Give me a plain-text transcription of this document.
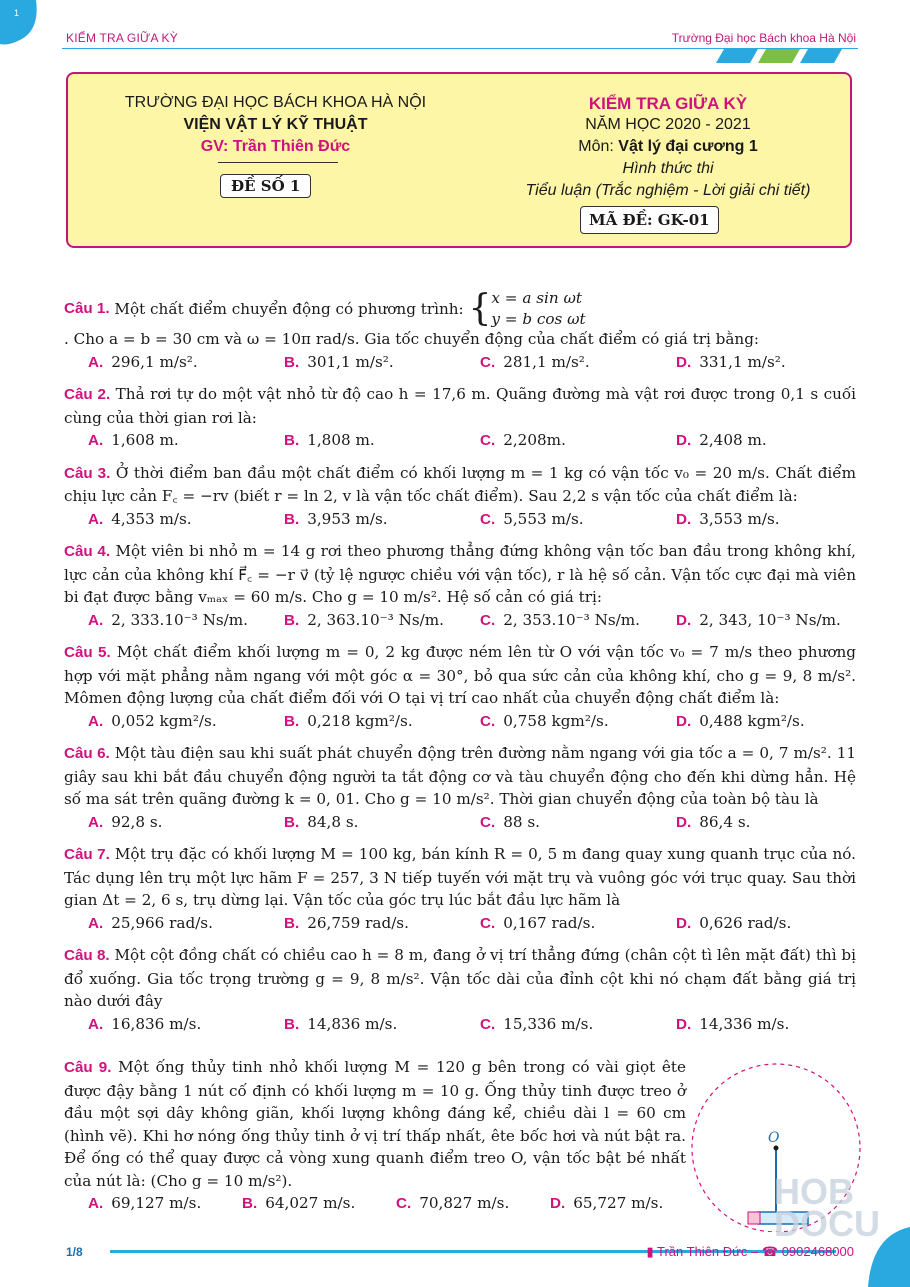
1
KIỂM TRA GIỮA KỲ	Trường Đại học Bách khoa Hà Nội
TRƯỜNG ĐẠI HỌC BÁCH KHOA HÀ NỘI
VIỆN VẬT LÝ KỸ THUẬT
GV: Trần Thiên Đức
ĐỀ SỐ 1
KIỂM TRA GIỮA KỲ
NĂM HỌC 2020 - 2021
Môn: Vật lý đại cương 1
Hình thức thi
Tiểu luận (Trắc nghiệm - Lời giải chi tiết)
MÃ ĐỀ: GK-01

Câu 1.
Một chất điểm chuyển động có phương trình:
{ x = a sin ωt
y = b cos ωt

. Cho a = b = 30 cm và ω = 10π rad/s. Gia tốc chuyển động của chất điểm có giá trị bằng:

A. 296,1 m/s².	B. 301,1 m/s².	C. 281,1 m/s².	D. 331,1 m/s².

Câu 2. Thả rơi tự do một vật nhỏ từ độ cao h = 17,6 m. Quãng đường mà vật rơi được trong 0,1 s cuối cùng của thời gian rơi là:

A. 1,608 m.	B. 1,808 m.	C. 2,208m.	D. 2,408 m.

Câu 3. Ở thời điểm ban đầu một chất điểm có khối lượng m = 1 kg có vận tốc v₀ = 20 m/s. Chất điểm chịu lực cản F꜀ = −rv (biết r = ln 2, v là vận tốc chất điểm). Sau 2,2 s vận tốc của chất điểm là:

A. 4,353 m/s.	B. 3,953 m/s.	C. 5,553 m/s.	D. 3,553 m/s.

Câu 4. Một viên bi nhỏ m = 14 g rơi theo phương thẳng đứng không vận tốc ban đầu trong không khí, lực cản của không khí F⃗꜀ = −r v⃗ (tỷ lệ ngược chiều với vận tốc), r là hệ số cản. Vận tốc cực đại mà viên bi đạt được bằng vₘₐₓ = 60 m/s. Cho g = 10 m/s². Hệ số cản có giá trị:

A. 2, 333.10⁻³ Ns/m.	B. 2, 363.10⁻³ Ns/m.	C. 2, 353.10⁻³ Ns/m.	D. 2, 343, 10⁻³ Ns/m.

Câu 5. Một chất điểm khối lượng m = 0, 2 kg được ném lên từ O với vận tốc v₀ = 7 m/s theo phương hợp với mặt phẳng nằm ngang với một góc α = 30°, bỏ qua sức cản của không khí, cho g = 9, 8 m/s². Mômen động lượng của chất điểm đối với O tại vị trí cao nhất của chuyển động chất điểm là:

A. 0,052 kgm²/s.	B. 0,218 kgm²/s.	C. 0,758 kgm²/s.	D. 0,488 kgm²/s.

Câu 6. Một tàu điện sau khi suất phát chuyển động trên đường nằm ngang với gia tốc a = 0, 7 m/s². 11 giây sau khi bắt đầu chuyển động người ta tắt động cơ và tàu chuyển động cho đến khi dừng hẳn. Hệ số ma sát trên quãng đường k = 0, 01. Cho g = 10 m/s². Thời gian chuyển động của toàn bộ tàu là

A. 92,8 s.	B. 84,8 s.	C. 88 s.	D. 86,4 s.

Câu 7. Một trụ đặc có khối lượng M = 100 kg, bán kính R = 0, 5 m đang quay xung quanh trục của nó. Tác dụng lên trụ một lực hãm F = 257, 3 N tiếp tuyến với mặt trụ và vuông góc với trục quay. Sau thời gian Δt = 2, 6 s, trụ dừng lại. Vận tốc của góc trụ lúc bắt đầu lực hãm là

A. 25,966 rad/s.	B. 26,759 rad/s.	C. 0,167 rad/s.	D. 0,626 rad/s.

Câu 8. Một cột đồng chất có chiều cao h = 8 m, đang ở vị trí thẳng đứng (chân cột tì lên mặt đất) thì bị đổ xuống. Gia tốc trọng trường g = 9, 8 m/s². Vận tốc dài của đỉnh cột khi nó chạm đất bằng giá trị nào dưới đây

A. 16,836 m/s.	B. 14,836 m/s.	C. 15,336 m/s.	D. 14,336 m/s.

Câu 9. Một ống thủy tinh nhỏ khối lượng M = 120 g bên trong có vài giọt ête được đậy bằng 1 nút cố định có khối lượng m = 10 g. Ống thủy tinh được treo ở đầu một sợi dây không giãn, khối lượng không đáng kể, chiều dài l = 60 cm (hình vẽ). Khi hơ nóng ống thủy tinh ở vị trí thấp nhất, ête bốc hơi và nút bật ra. Để ống có thể quay được cả vòng xung quanh điểm treo O, vận tốc bật bé nhất của nút là: (Cho g = 10 m/s²).

A. 69,127 m/s.	B. 64,027 m/s.	C. 70,827 m/s.	D. 65,727 m/s.
O
HOB DOCU
1/8	▮ Trần Thiên Đức – ☎ 0902468000
